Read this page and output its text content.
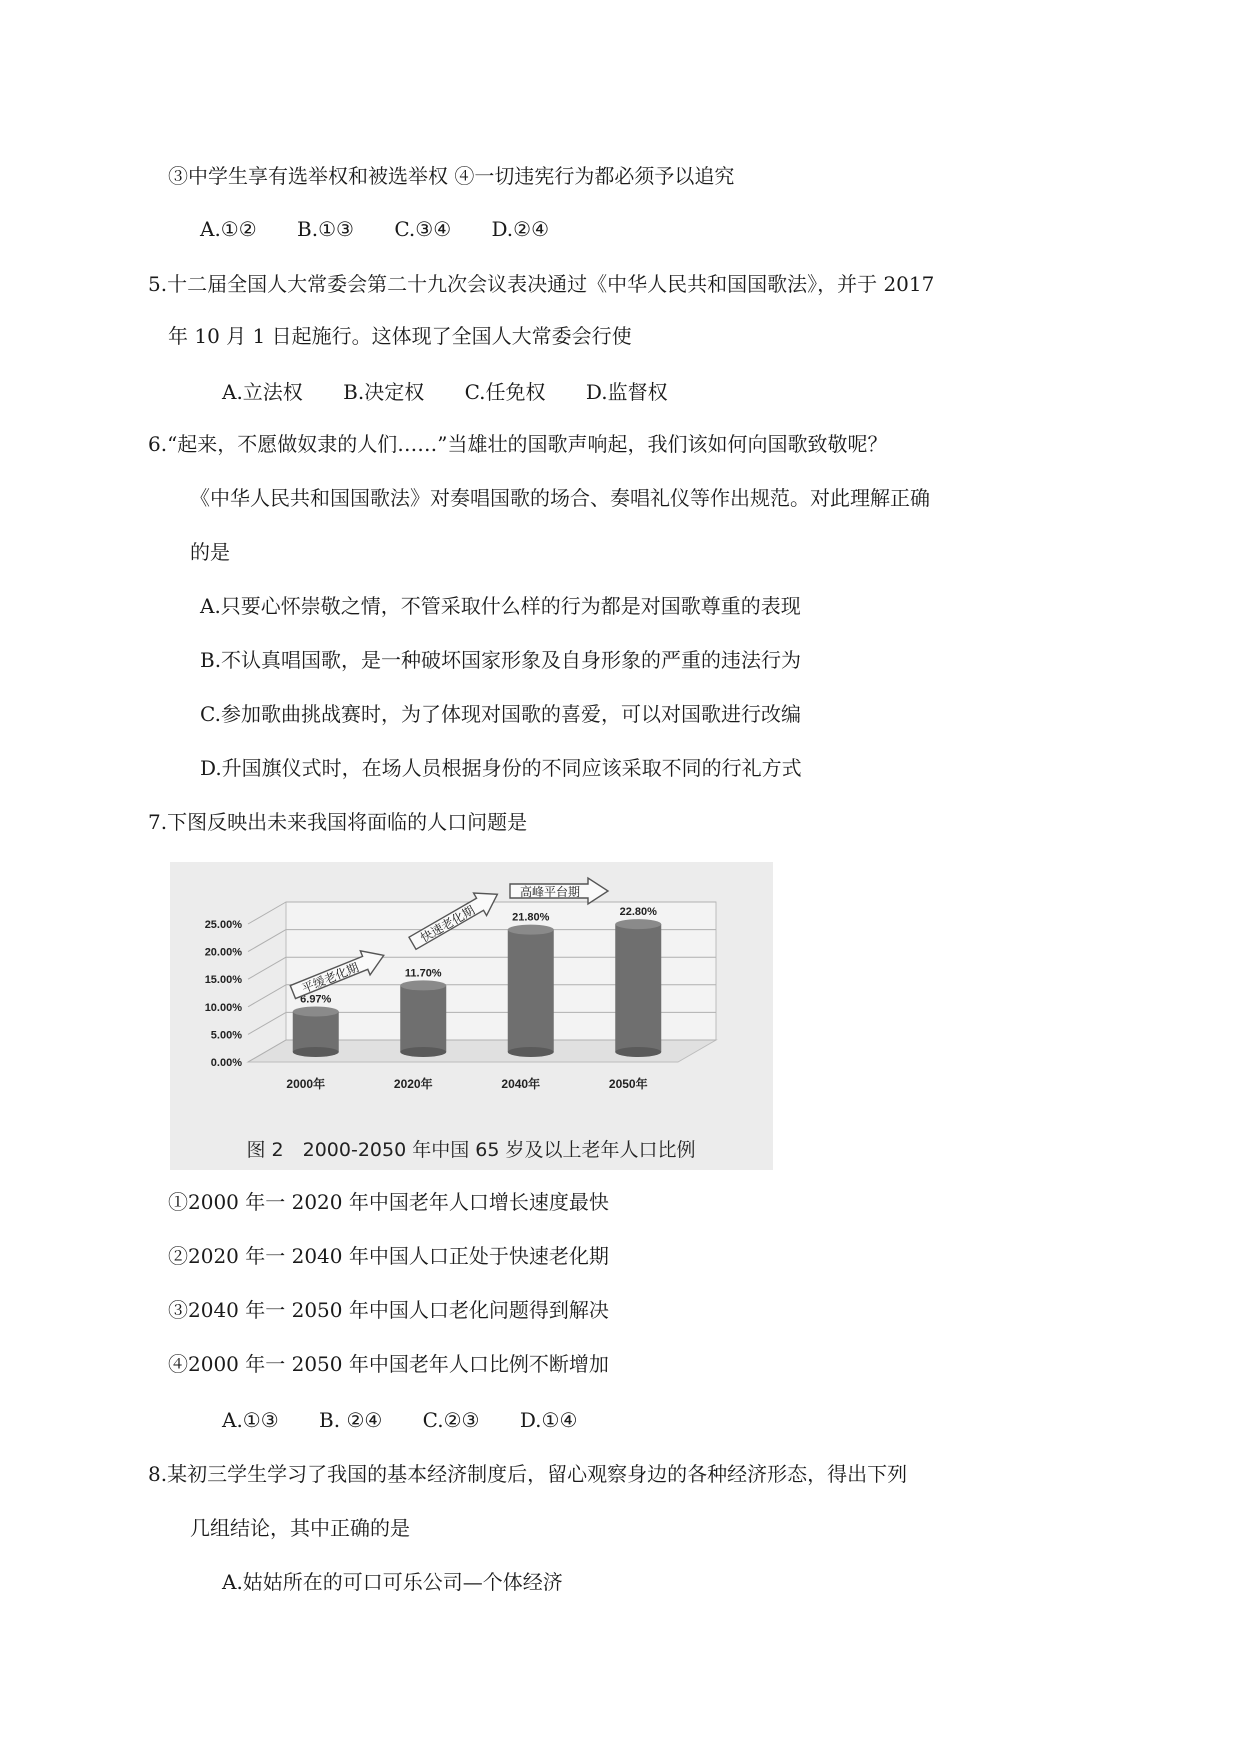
③中学生享有选举权和被选举权 ④一切违宪行为都必须予以追究
A.①② B.①③ C.③④ D.②④
5.十二届全国人大常委会第二十九次会议表决通过《中华人民共和国国歌法》，并于 2017
年 10 月 1 日起施行。这体现了全国人大常委会行使
A.立法权 B.决定权 C.任免权 D.监督权
6.“起来，不愿做奴隶的人们……”当雄壮的国歌声响起，我们该如何向国歌致敬呢？
《中华人民共和国国歌法》对奏唱国歌的场合、奏唱礼仪等作出规范。对此理解正确
的是
A.只要心怀崇敬之情，不管采取什么样的行为都是对国歌尊重的表现
B.不认真唱国歌，是一种破坏国家形象及自身形象的严重的违法行为
C.参加歌曲挑战赛时，为了体现对国歌的喜爱，可以对国歌进行改编
D.升国旗仪式时，在场人员根据身份的不同应该采取不同的行礼方式
7.下图反映出未来我国将面临的人口问题是
0.00%
5.00%
10.00%
15.00%
20.00%
25.00%
6.97%
2000年
11.70%
2020年
21.80%
2040年
22.80%
2050年
图 2　2000-2050 年中国 65 岁及以上老年人口比例
平缓老化期
快速老化期
高峰平台期
①2000 年一 2020 年中国老年人口增长速度最快
②2020 年一 2040 年中国人口正处于快速老化期
③2040 年一 2050 年中国人口老化问题得到解决
④2000 年一 2050 年中国老年人口比例不断增加
A.①③ B. ②④ C.②③ D.①④
8.某初三学生学习了我国的基本经济制度后，留心观察身边的各种经济形态，得出下列
几组结论，其中正确的是
A.姑姑所在的可口可乐公司—个体经济
